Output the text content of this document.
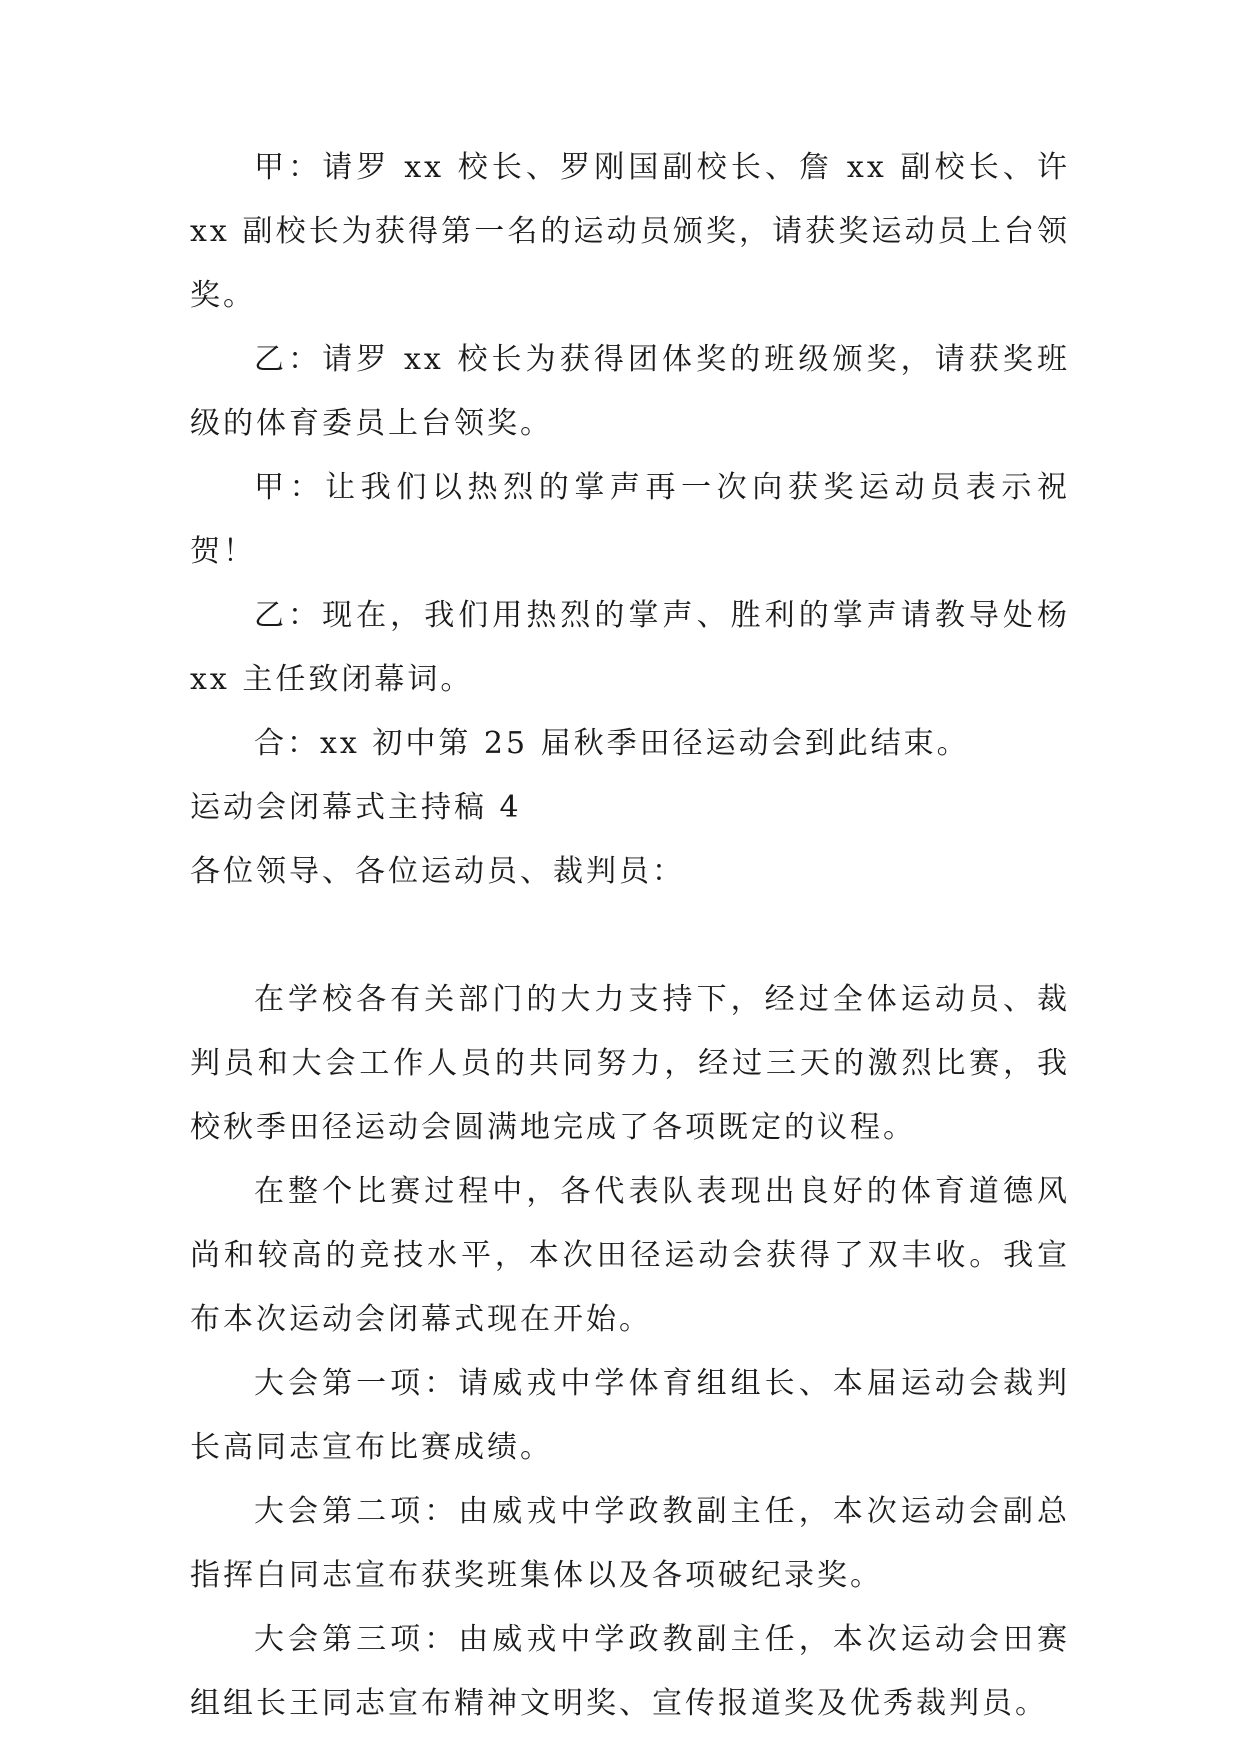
甲：请罗 xx 校长、罗刚国副校长、詹 xx 副校长、许 xx 副校长为获得第一名的运动员颁奖，请获奖运动员上台领奖。

乙：请罗 xx 校长为获得团体奖的班级颁奖，请获奖班级的体育委员上台领奖。

甲：让我们以热烈的掌声再一次向获奖运动员表示祝贺！

乙：现在，我们用热烈的掌声、胜利的掌声请教导处杨 xx 主任致闭幕词。

合：xx 初中第 25 届秋季田径运动会到此结束。

运动会闭幕式主持稿 4

各位领导、各位运动员、裁判员：

在学校各有关部门的大力支持下，经过全体运动员、裁判员和大会工作人员的共同努力，经过三天的激烈比赛，我校秋季田径运动会圆满地完成了各项既定的议程。

在整个比赛过程中，各代表队表现出良好的体育道德风尚和较高的竞技水平，本次田径运动会获得了双丰收。我宣布本次运动会闭幕式现在开始。

大会第一项：请威戎中学体育组组长、本届运动会裁判长高同志宣布比赛成绩。

大会第二项：由威戎中学政教副主任，本次运动会副总指挥白同志宣布获奖班集体以及各项破纪录奖。

大会第三项：由威戎中学政教副主任，本次运动会田赛组组长王同志宣布精神文明奖、宣传报道奖及优秀裁判员。
